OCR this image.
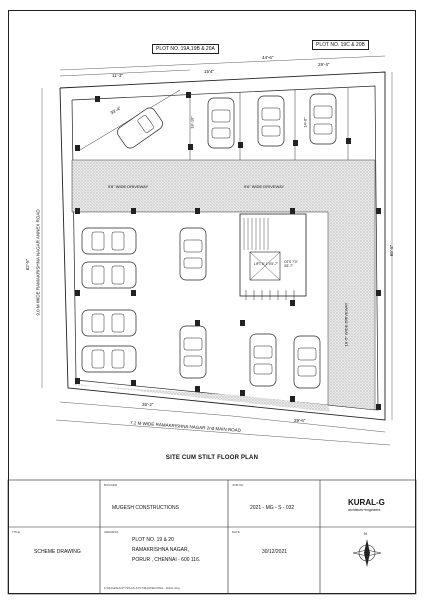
PLOT NO. 19A,19B & 20A
PLOT NO. 19C & 20B
44'-6"
15'4"
29'-4"
11'-3"
33'-4"
62'-5"
69'-5"
35'-2"
29'-6"
18'-10"	14'-6"
9'6" WIDE DRIVEWAY	9'6" WIDE DRIVEWAY
10'-5" WIDE DRIVEWAY
LIFT 5'-1"X5'-7"	OTS 7'0" X5'-7"
9.0 M WIDE RAMAKRISHNA NAGAR ANNEX ROAD
7.2 M WIDE RAMAKRISHNA NAGAR 2nd MAIN ROAD
SITE CUM STILT FLOOR PLAN
BUILDER
MUGESH CONSTRUCTIONS
JOB NO
2021 - MG - S - 032
KURAL-G
architects+engineers
TITLE
SCHEME DRAWING
ADDRESS
PLOT NO. 19 & 20
RAMAKRISHNA NAGAR,
PORUR , CHENNAI - 600 116.
DATE
30/12/2021
F:\MUGESH\CITY\PLAN-STILT\MASTER-DWG - FINAL.dwg
N
